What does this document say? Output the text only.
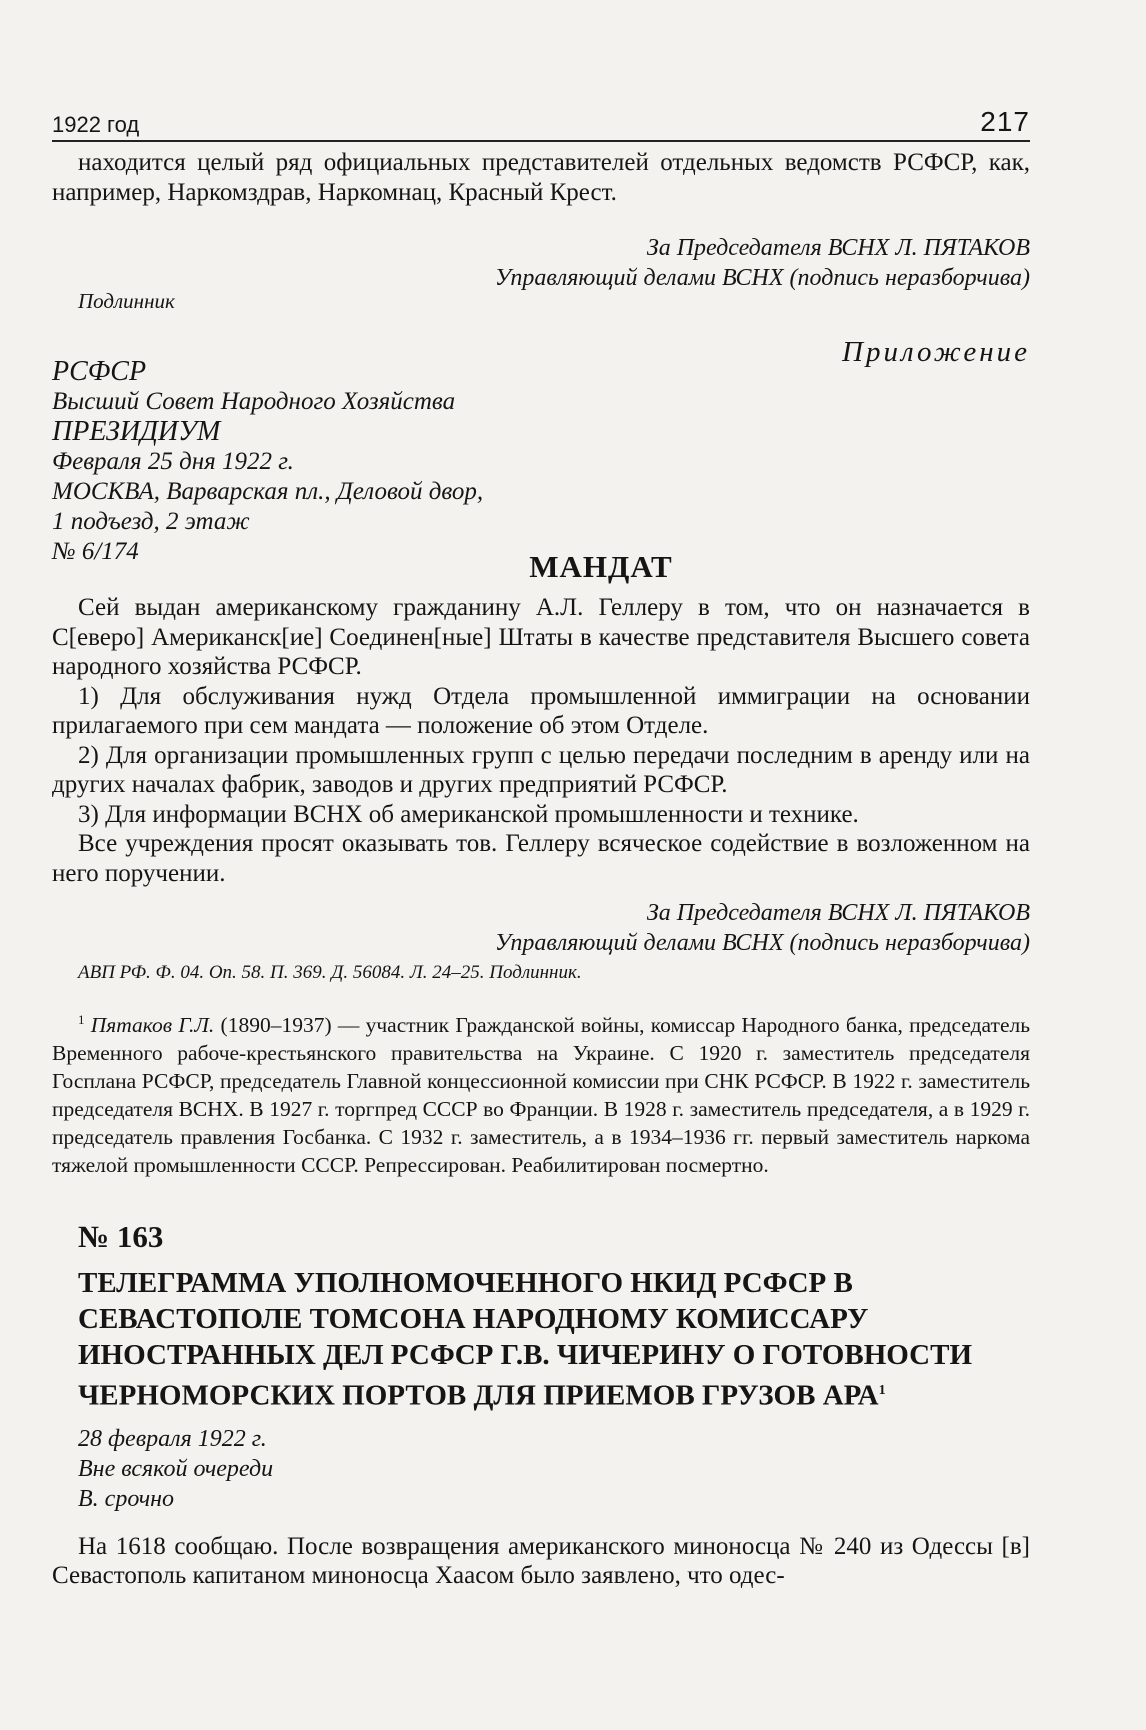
1922 год	217

находится целый ряд официальных представителей отдельных ведомств РСФСР, как, например, Наркомздрав, Наркомнац, Красный Крест.

За Председателя ВСНХ Л. ПЯТАКОВ

Управляющий делами ВСНХ (подпись неразборчива)

Подлинник

Приложение

РСФСР

Высший Совет Народного Хозяйства

ПРЕЗИДИУМ

Февраля 25 дня 1922 г.

МОСКВА, Варварская пл., Деловой двор,

1 подъезд, 2 этаж

№ 6/174	МАНДАТ

Сей выдан американскому гражданину А.Л. Геллеру в том, что он назначается в С[еверо] Американск[ие] Соединен[ные] Штаты в качестве представителя Высшего совета народного хозяйства РСФСР.

1) Для обслуживания нужд Отдела промышленной иммиграции на основании прилагаемого при сем мандата — положение об этом Отделе.

2) Для организации промышленных групп с целью передачи последним в аренду или на других началах фабрик, заводов и других предприятий РСФСР.

3) Для информации ВСНХ об американской промышленности и технике.

Все учреждения просят оказывать тов. Геллеру всяческое содействие в возложенном на него поручении.

За Председателя ВСНХ Л. ПЯТАКОВ

Управляющий делами ВСНХ (подпись неразборчива)

АВП РФ. Ф. 04. Оп. 58. П. 369. Д. 56084. Л. 24–25. Подлинник.

$^1$ Пятаков Г.Л. (1890–1937) — участник Гражданской войны, комиссар Народного банка, председатель Временного рабоче-крестьянского правительства на Украине. С 1920 г. заместитель председателя Госплана РСФСР, председатель Главной концессионной комиссии при СНК РСФСР. В 1922 г. заместитель председателя ВСНХ. В 1927 г. торгпред СССР во Франции. В 1928 г. заместитель председателя, а в 1929 г. председатель правления Госбанка. С 1932 г. заместитель, а в 1934–1936 гг. первый заместитель наркома тяжелой промышленности СССР. Репрессирован. Реабилитирован посмертно.

№ 163

ТЕЛЕГРАММА УПОЛНОМОЧЕННОГО НКИД РСФСР В СЕВАСТОПОЛЕ ТОМСОНА НАРОДНОМУ КОМИССАРУ ИНОСТРАННЫХ ДЕЛ РСФСР Г.В. ЧИЧЕРИНУ О ГОТОВНОСТИ ЧЕРНОМОРСКИХ ПОРТОВ ДЛЯ ПРИЕМОВ ГРУЗОВ АРА$^1$

28 февраля 1922 г.

Вне всякой очереди

В. срочно

На 1618 сообщаю. После возвращения американского миноносца № 240 из Одессы [в] Севастополь капитаном миноносца Хаасом было заявлено, что одес-
